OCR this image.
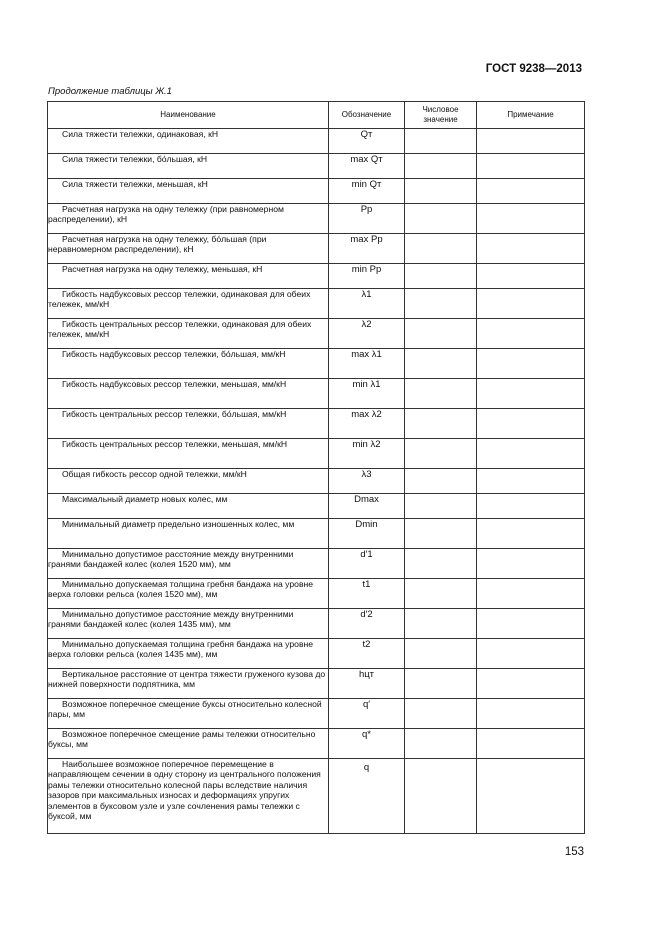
ГОСТ 9238—2013
Продолжение таблицы Ж.1
Наименование	Обозначение	Числовое значение	Примечание

Сила тяжести тележки, одинаковая, кН	Qт		

Сила тяжести тележки, бо́льшая, кН	max Qт		

Сила тяжести тележки, меньшая, кН	min Qт		

Расчетная нагрузка на одну тележку (при равномерном распределении), кН	Pр		

Расчетная нагрузка на одну тележку, бо́льшая (при неравномерном распределении), кН	max Pр		

Расчетная нагрузка на одну тележку, меньшая, кН	min Pр		

Гибкость надбуксовых рессор тележки, одинаковая для обеих тележек, мм/кН	λ1		

Гибкость центральных рессор тележки, одинаковая для обеих тележек, мм/кН	λ2		

Гибкость надбуксовых рессор тележки, бо́льшая, мм/кН	max λ1		

Гибкость надбуксовых рессор тележки, меньшая, мм/кН	min λ1		

Гибкость центральных рессор тележки, бо́льшая, мм/кН	max λ2		

Гибкость центральных рессор тележки, меньшая, мм/кН	min λ2		

Общая гибкость рессор одной тележки, мм/кН	λ3		

Максимальный диаметр новых колес, мм	Dmax		

Минимальный диаметр предельно изношенных колес, мм	Dmin		

Минимально допустимое расстояние между внутренними гранями бандажей колес (колея 1520 мм), мм	d′1		

Минимально допускаемая толщина гребня бандажа на уровне верха головки рельса (колея 1520 мм), мм	t1		

Минимально допустимое расстояние между внутренними гранями бандажей колес (колея 1435 мм), мм	d′2		

Минимально допускаемая толщина гребня бандажа на уровне верха головки рельса (колея 1435 мм), мм	t2		

Вертикальное расстояние от центра тяжести груженого кузова до нижней поверхности подпятника, мм	hцт		

Возможное поперечное смещение буксы относительно колесной пары, мм	q′		

Возможное поперечное смещение рамы тележки относительно буксы, мм	q*		

Наибольшее возможное поперечное перемещение в направляющем сечении в одну сторону из центрального положения рамы тележки относительно колесной пары вследствие наличия зазоров при максимальных износах и деформациях упругих элементов в буксовом узле и узле сочленения рамы тележки с буксой, мм	q		
153
